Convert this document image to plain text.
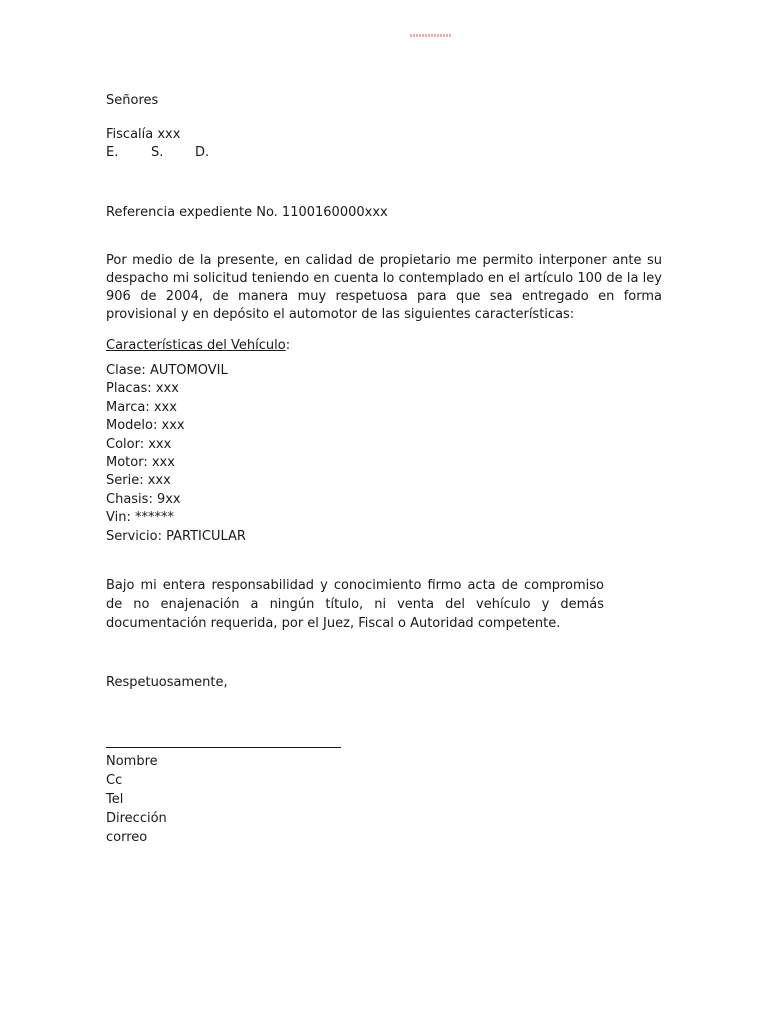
Señores
Fiscalía xxx
E.	S. D.
Referencia expediente No. 1100160000xxx
Por medio de la presente, en calidad de propietario me permito interponer ante su despacho mi solicitud teniendo en cuenta lo contemplado en el artículo 100 de la ley 906 de 2004, de manera muy respetuosa para que sea entregado en forma provisional y en depósito el automotor de las siguientes características:
Características del Vehículo:
Clase: AUTOMOVIL
Placas: xxx
Marca: xxx
Modelo: xxx
Color: xxx
Motor: xxx
Serie: xxx
Chasis: 9xx
Vin: ******
Servicio: PARTICULAR
Bajo mi entera responsabilidad y conocimiento firmo acta de compromiso de no enajenación a ningún título, ni venta del vehículo y demás documentación requerida, por el Juez, Fiscal o Autoridad competente.
Respetuosamente,
Nombre
Cc
Tel
Dirección
correo
